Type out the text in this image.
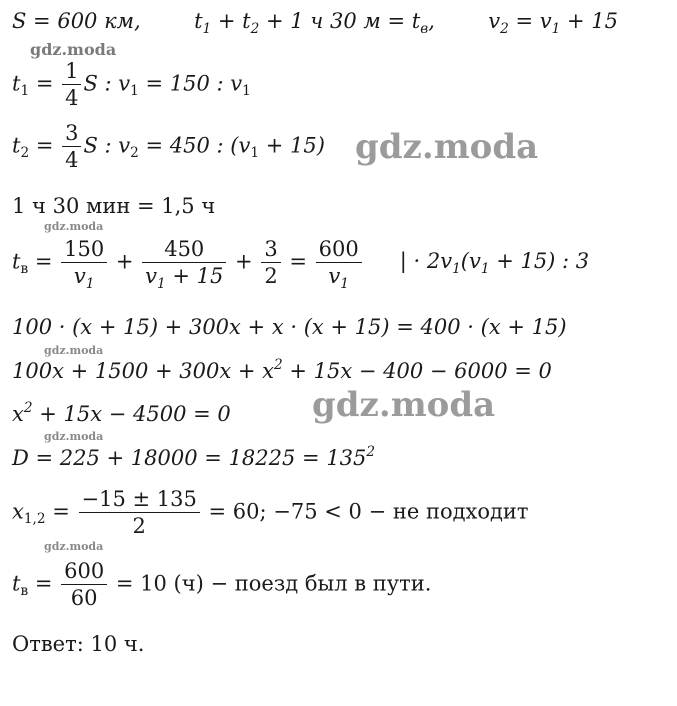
S = 600 км,	$t_1 + t_2 + 1$ ч 30 $м = t_в$,	$v_2 = v_1 + 15$
$t_1 = \frac{1}{4}$ S : $v_1 = 150$ : $v_1$
$t_2 = \frac{3}{4}$ S : $v_2 = 450$ : $(v_1 + 15)$
1 ч 30 мин = 1,5 ч
$t_в = \frac{150}{v_1} + \frac{450}{v_1 + 15} + \frac{3}{2} = \frac{600}{v_1}$ | · $2v_1(v_1 + 15)$ : 3
100 · (x + 15) + 300x + x · (x + 15) = 400 · (x + 15)
$100x + 1500 + 300x + x^2 + 15x - 400 - 6000 = 0$
$x^2 + 15x - 4500 = 0$
$D = 225 + 18000 = 18225 = 135^2$
$x_{1,2} = \frac{-15 \pm 135}{2} = 60$; −75 < 0 − не подходит
$t_в = \frac{600}{60} = 10$ (ч) − поезд был в пути.
Ответ: 10 ч.
gdz.moda
gdz.moda
gdz.moda
gdz.moda
gdz.moda
gdz.moda
gdz.moda
